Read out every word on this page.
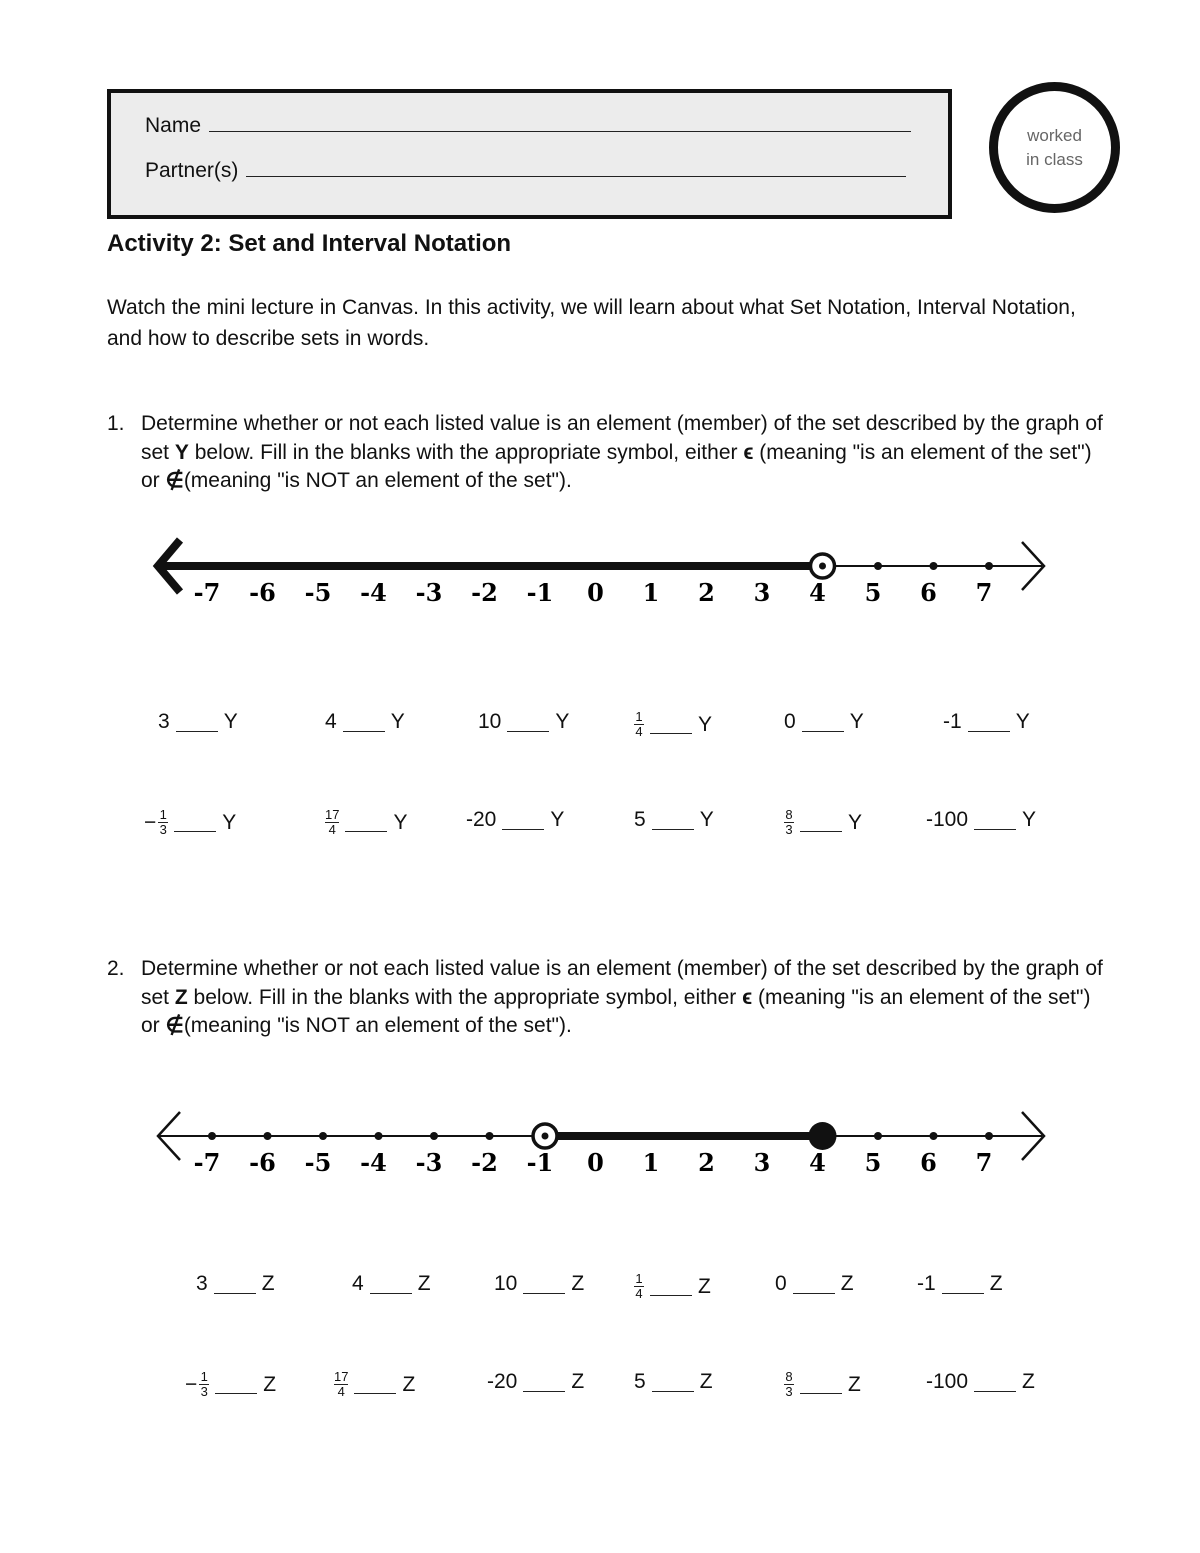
Name
Partner(s)
worked
in class
Activity 2: Set and Interval Notation
Watch the mini lecture in Canvas. In this activity, we will learn about what Set Notation, Interval Notation, and how to describe sets in words.
1. Determine whether or not each listed value is an element (member) of the set described by the graph of set Y below. Fill in the blanks with the appropriate symbol, either ϵ (meaning "is an element of the set") or ∉(meaning "is NOT an element of the set").
-7 -6 -5 -4 -3 -2 -1 0 1 2 3 4 5 6 7
3	Y	4	Y	10	Y	$\frac{1}{4}$	Y	0	Y	-1	Y
− $\frac{1}{3}$	Y	$\frac{17}{4}$	Y	-20	Y	5	Y	$\frac{8}{3}$	Y	-100	Y
2. Determine whether or not each listed value is an element (member) of the set described by the graph of set Z below. Fill in the blanks with the appropriate symbol, either ϵ (meaning "is an element of the set") or ∉(meaning "is NOT an element of the set").
-7 -6 -5 -4 -3 -2 -1 0 1 2 3 4 5 6 7
3	Z	4	Z	10	Z	$\frac{1}{4}$	Z	0	Z	-1	Z
− $\frac{1}{3}$	Z	$\frac{17}{4}$	Z	-20	Z 5	Z	$\frac{8}{3}$	Z	-100	Z
